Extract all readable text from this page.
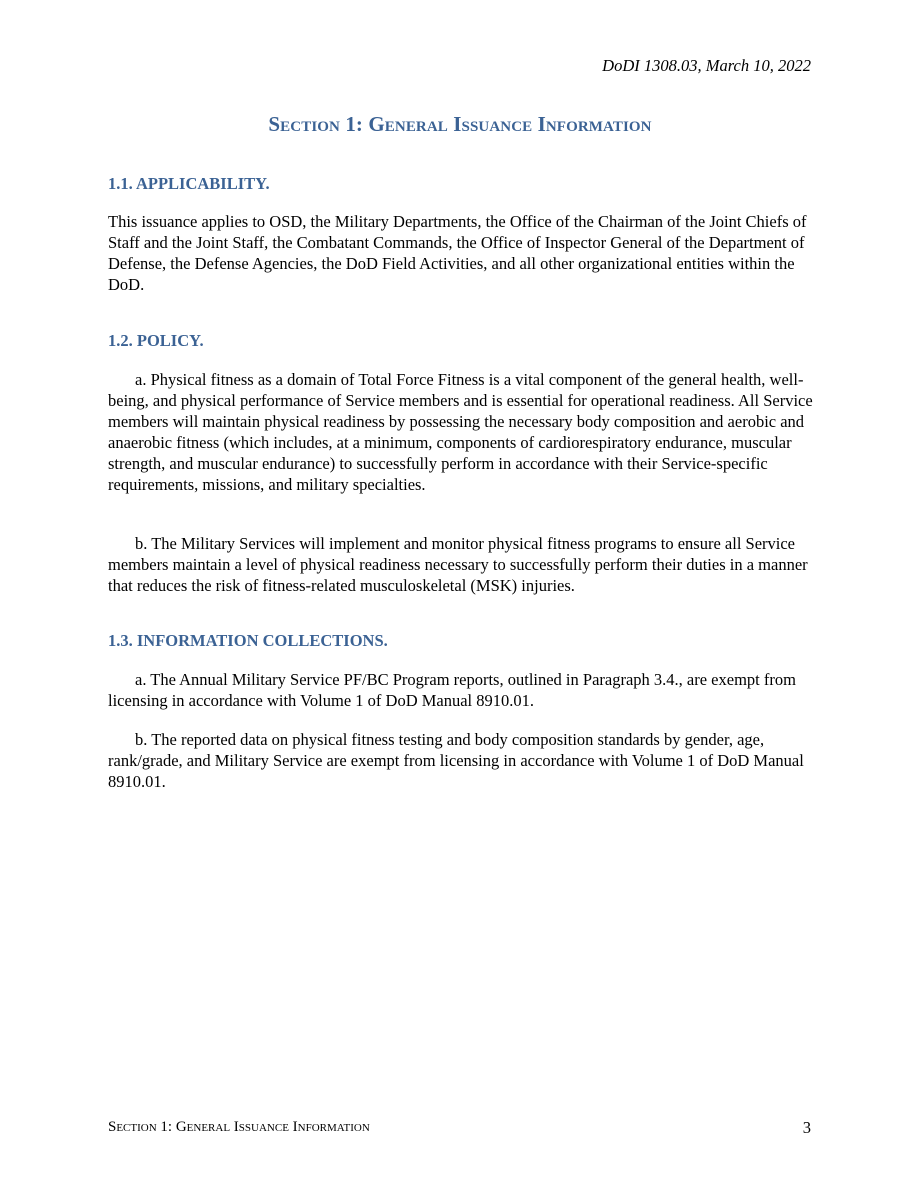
DoDI 1308.03, March 10, 2022
Section 1: General Issuance Information
1.1. APPLICABILITY.
This issuance applies to OSD, the Military Departments, the Office of the Chairman of the Joint Chiefs of Staff and the Joint Staff, the Combatant Commands, the Office of Inspector General of the Department of Defense, the Defense Agencies, the DoD Field Activities, and all other organizational entities within the DoD.
1.2. POLICY.
a. Physical fitness as a domain of Total Force Fitness is a vital component of the general health, well-being, and physical performance of Service members and is essential for operational readiness. All Service members will maintain physical readiness by possessing the necessary body composition and aerobic and anaerobic fitness (which includes, at a minimum, components of cardiorespiratory endurance, muscular strength, and muscular endurance) to successfully perform in accordance with their Service-specific requirements, missions, and military specialties.
b. The Military Services will implement and monitor physical fitness programs to ensure all Service members maintain a level of physical readiness necessary to successfully perform their duties in a manner that reduces the risk of fitness-related musculoskeletal (MSK) injuries.
1.3. INFORMATION COLLECTIONS.
a. The Annual Military Service PF/BC Program reports, outlined in Paragraph 3.4., are exempt from licensing in accordance with Volume 1 of DoD Manual 8910.01.
b. The reported data on physical fitness testing and body composition standards by gender, age, rank/grade, and Military Service are exempt from licensing in accordance with Volume 1 of DoD Manual 8910.01.
Section 1: General Issuance Information	3
